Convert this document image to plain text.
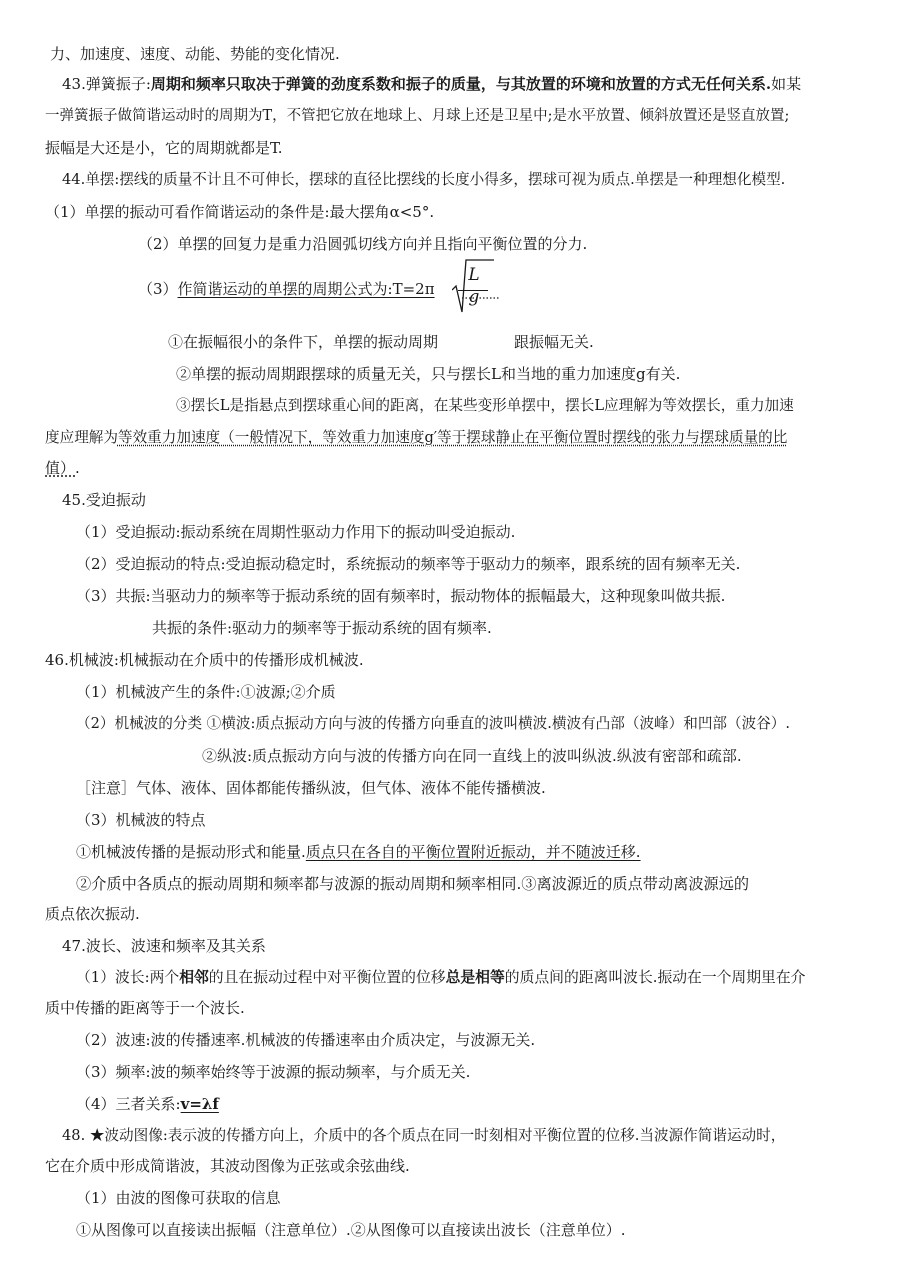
力、加速度、速度、动能、势能的变化情况.
43.弹簧振子:周期和频率只取决于弹簧的劲度系数和振子的质量，与其放置的环境和放置的方式无任何关系.如某
一弹簧振子做简谐运动时的周期为T，不管把它放在地球上、月球上还是卫星中;是水平放置、倾斜放置还是竖直放置;
振幅是大还是小，它的周期就都是T.
44.单摆:摆线的质量不计且不可伸长，摆球的直径比摆线的长度小得多，摆球可视为质点.单摆是一种理想化模型.
（1）单摆的振动可看作简谐运动的条件是:最大摆角α<5°.
（2）单摆的回复力是重力沿圆弧切线方向并且指向平衡位置的分力.
（3）作简谐运动的单摆的周期公式为:T=2π
L
g
①在振幅很小的条件下，单摆的振动周期	跟振幅无关.
②单摆的振动周期跟摆球的质量无关，只与摆长L和当地的重力加速度g有关.
③摆长L是指悬点到摆球重心间的距离，在某些变形单摆中，摆长L应理解为等效摆长，重力加速
度应理解为等效重力加速度（一般情况下，等效重力加速度g′等于摆球静止在平衡位置时摆线的张力与摆球质量的比
值）.
45.受迫振动
（1）受迫振动:振动系统在周期性驱动力作用下的振动叫受迫振动.
（2）受迫振动的特点:受迫振动稳定时，系统振动的频率等于驱动力的频率，跟系统的固有频率无关.
（3）共振:当驱动力的频率等于振动系统的固有频率时，振动物体的振幅最大，这种现象叫做共振.
共振的条件:驱动力的频率等于振动系统的固有频率.
46.机械波:机械振动在介质中的传播形成机械波.
（1）机械波产生的条件:①波源;②介质
（2）机械波的分类 ①横波:质点振动方向与波的传播方向垂直的波叫横波.横波有凸部（波峰）和凹部（波谷）.
②纵波:质点振动方向与波的传播方向在同一直线上的波叫纵波.纵波有密部和疏部.
［注意］气体、液体、固体都能传播纵波，但气体、液体不能传播横波.
（3）机械波的特点
①机械波传播的是振动形式和能量.质点只在各自的平衡位置附近振动，并不随波迁移.
②介质中各质点的振动周期和频率都与波源的振动周期和频率相同.③离波源近的质点带动离波源远的
质点依次振动.
47.波长、波速和频率及其关系
（1）波长:两个相邻的且在振动过程中对平衡位置的位移总是相等的质点间的距离叫波长.振动在一个周期里在介
质中传播的距离等于一个波长.
（2）波速:波的传播速率.机械波的传播速率由介质决定，与波源无关.
（3）频率:波的频率始终等于波源的振动频率，与介质无关.
（4）三者关系:v=λf
48. ★波动图像:表示波的传播方向上，介质中的各个质点在同一时刻相对平衡位置的位移.当波源作简谐运动时，
它在介质中形成简谐波，其波动图像为正弦或余弦曲线.
（1）由波的图像可获取的信息
①从图像可以直接读出振幅（注意单位）.②从图像可以直接读出波长（注意单位）.
